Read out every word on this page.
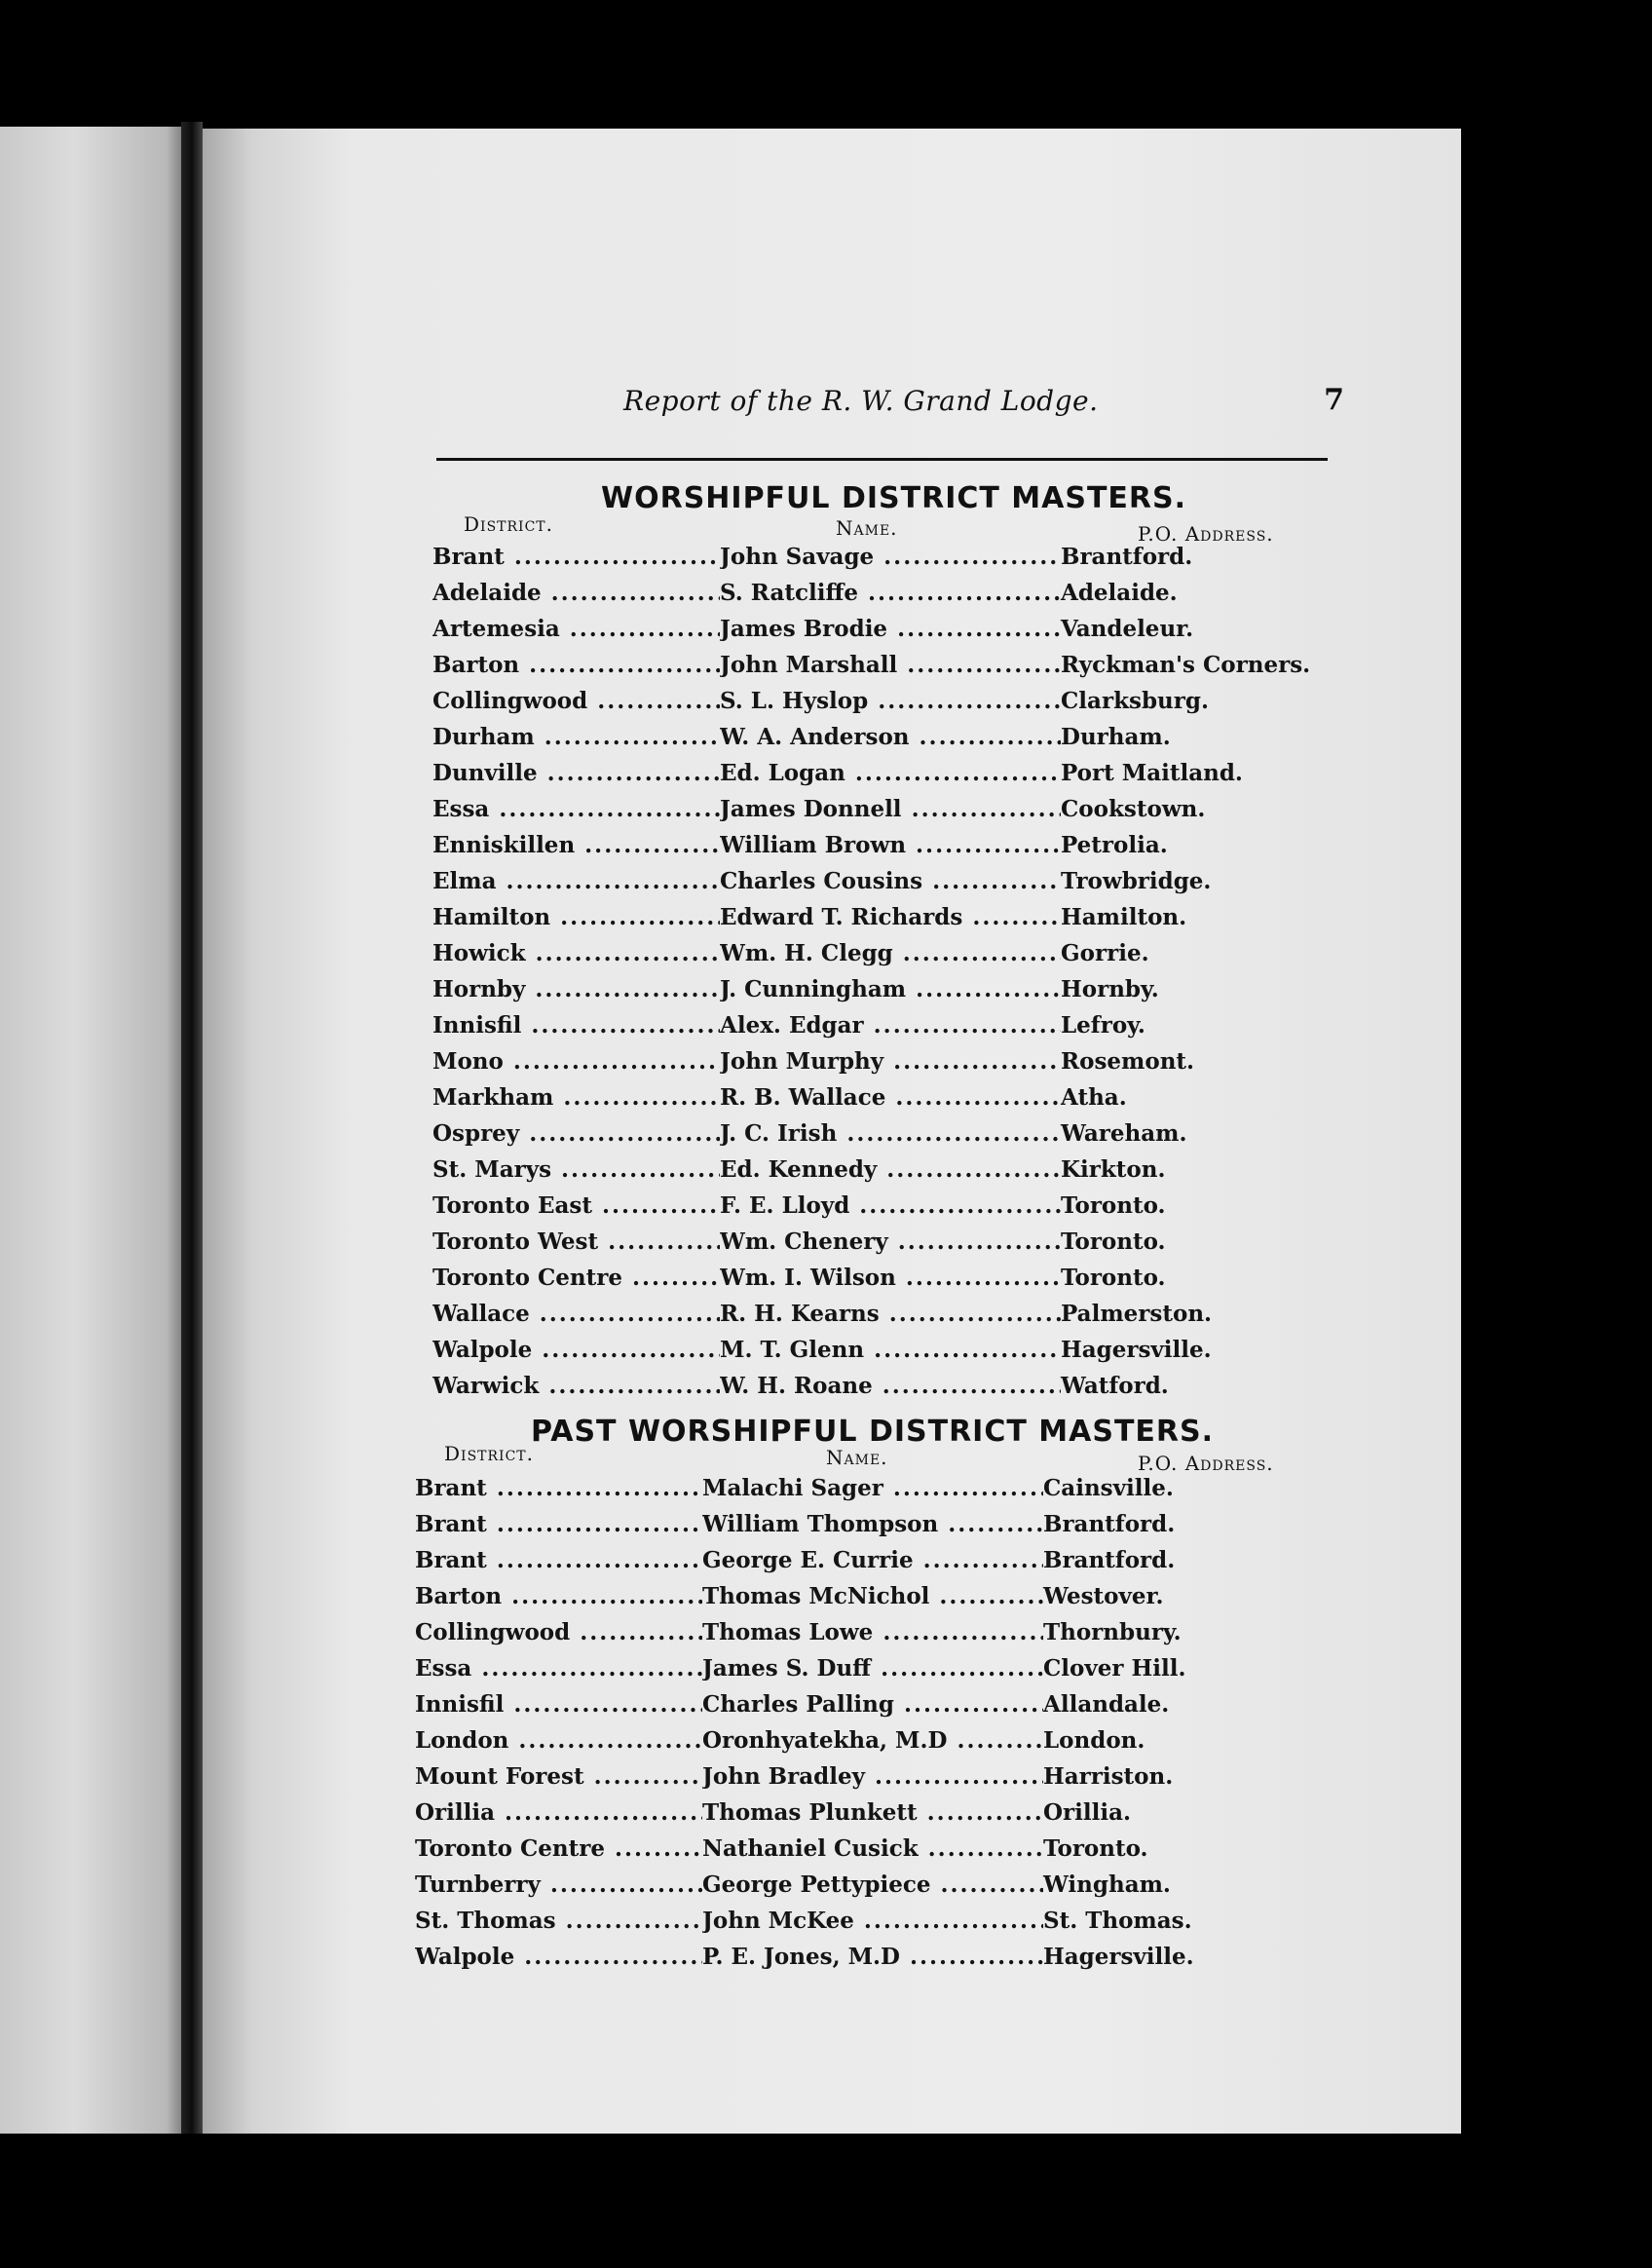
Report of the R. W. Grand Lodge.	7
WORSHIPFUL DISTRICT MASTERS.
District.	Name.	P.O. Address.
Brant .....	John Savage .....	Brantford.
Adelaide .....	S. Ratcliffe .....	Adelaide.
Artemesia .....	James Brodie .....	Vandeleur.
Barton .....	John Marshall .....	Ryckman's Corners.
Collingwood .....	S. L. Hyslop .....	Clarksburg.
Durham .....	W. A. Anderson .....	Durham.
Dunville .....	Ed. Logan .....	Port Maitland.
Essa .....	James Donnell .....	Cookstown.
Enniskillen .....	William Brown .....	Petrolia.
Elma .....	Charles Cousins .....	Trowbridge.
Hamilton .....	Edward T. Richards .....	Hamilton.
Howick .....	Wm. H. Clegg .....	Gorrie.
Hornby .....	J. Cunningham .....	Hornby.
Innisfil .....	Alex. Edgar .....	Lefroy.
Mono .....	John Murphy .....	Rosemont.
Markham .....	R. B. Wallace .....	Atha.
Osprey .....	J. C. Irish .....	Wareham.
St. Marys .....	Ed. Kennedy .....	Kirkton.
Toronto East .....	F. E. Lloyd .....	Toronto.
Toronto West .....	Wm. Chenery .....	Toronto.
Toronto Centre .....	Wm. I. Wilson .....	Toronto.
Wallace .....	R. H. Kearns .....	Palmerston.
Walpole .....	M. T. Glenn .....	Hagersville.
Warwick .....	W. H. Roane .....	Watford.
PAST WORSHIPFUL DISTRICT MASTERS.
District.	Name.	P.O. Address.
Brant .....	Malachi Sager .....	Cainsville.
Brant .....	William Thompson .....	Brantford.
Brant .....	George E. Currie .....	Brantford.
Barton .....	Thomas McNichol .....	Westover.
Collingwood .....	Thomas Lowe .....	Thornbury.
Essa .....	James S. Duff .....	Clover Hill.
Innisfil .....	Charles Palling .....	Allandale.
London .....	Oronhyatekha, M.D .....	London.
Mount Forest .....	John Bradley .....	Harriston.
Orillia .....	Thomas Plunkett .....	Orillia.
Toronto Centre .....	Nathaniel Cusick .....	Toronto.
Turnberry .....	George Pettypiece .....	Wingham.
St. Thomas .....	John McKee .....	St. Thomas.
Walpole .....	P. E. Jones, M.D .....	Hagersville.
